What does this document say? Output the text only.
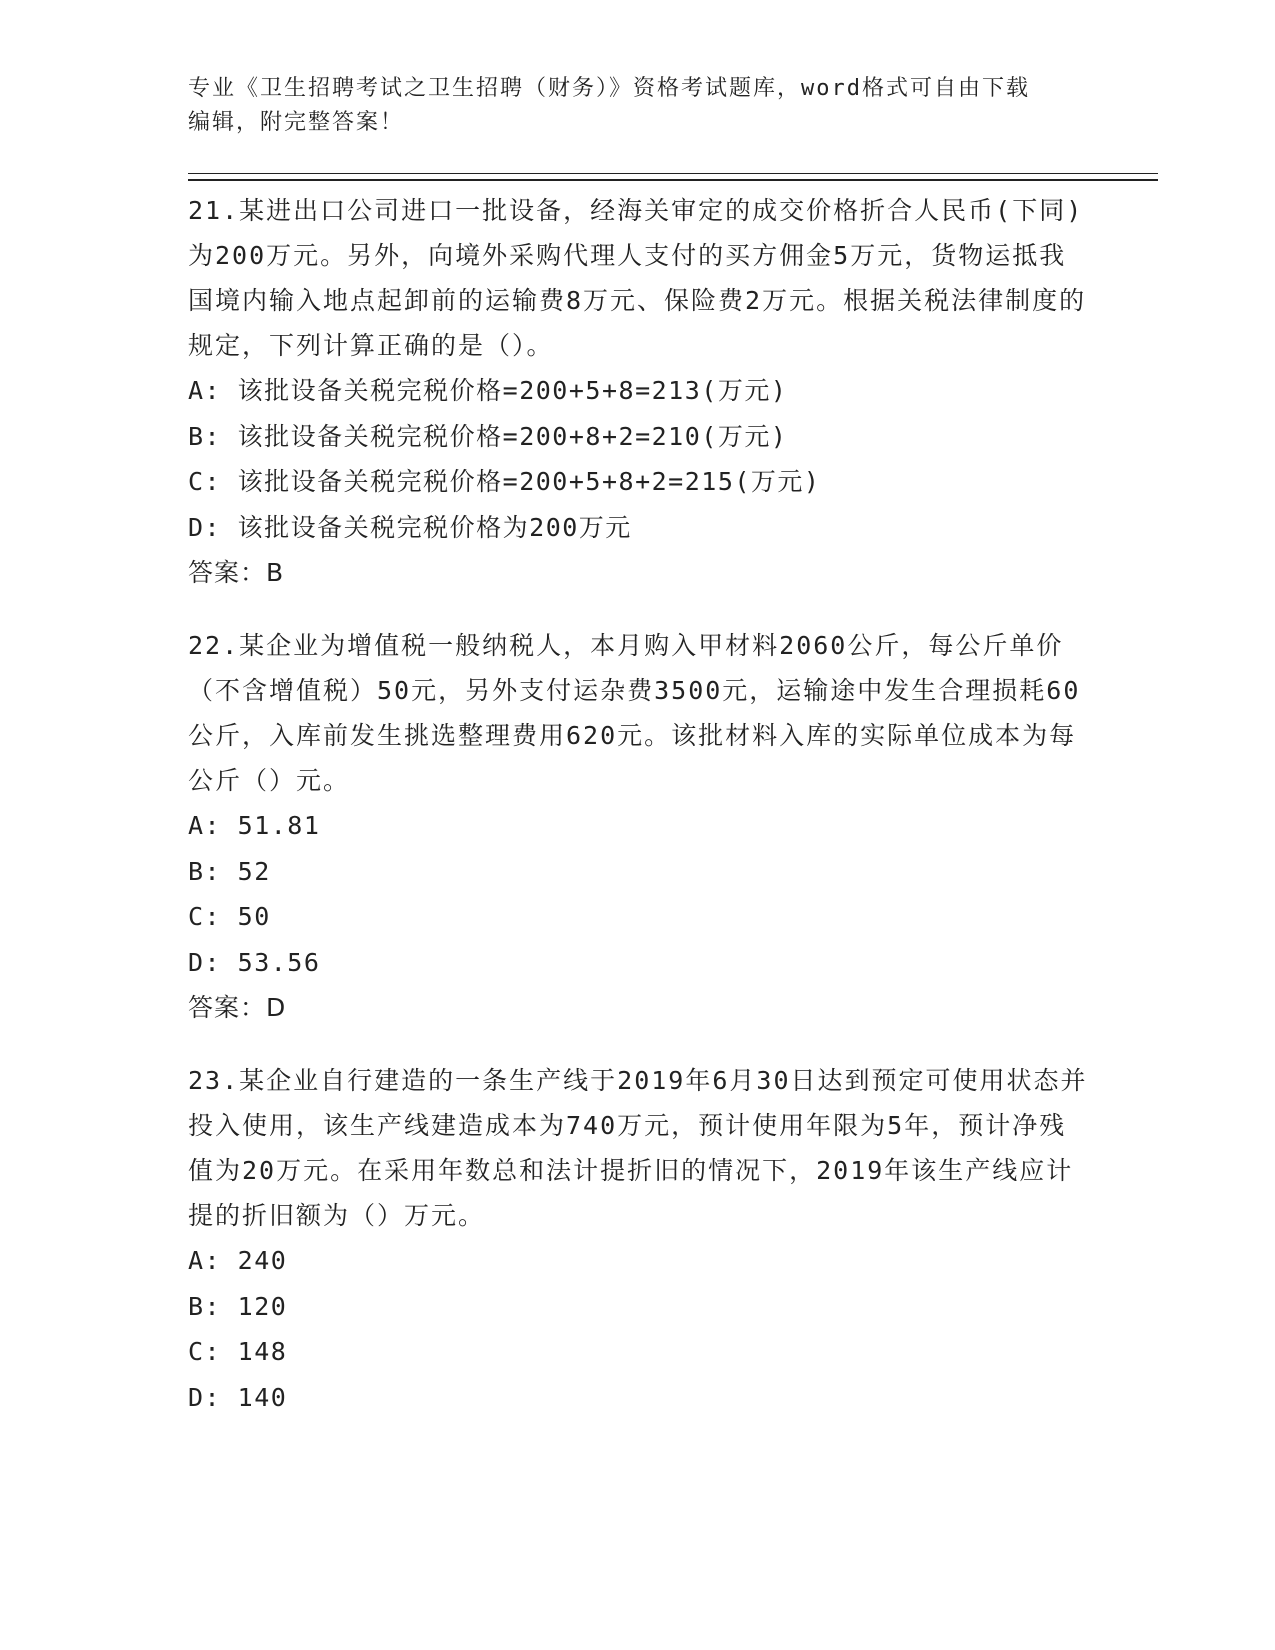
专业《卫生招聘考试之卫生招聘（财务）》资格考试题库，word格式可自由下载
编辑，附完整答案！

21.某进出口公司进口一批设备，经海关审定的成交价格折合人民币(下同)为200万元。另外，向境外采购代理人支付的买方佣金5万元，货物运抵我国境内输入地点起卸前的运输费8万元、保险费2万元。根据关税法律制度的规定，下列计算正确的是（）。

A: 该批设备关税完税价格=200+5+8=213(万元)

B: 该批设备关税完税价格=200+8+2=210(万元)

C: 该批设备关税完税价格=200+5+8+2=215(万元)

D: 该批设备关税完税价格为200万元

答案：B

22.某企业为增值税一般纳税人，本月购入甲材料2060公斤，每公斤单价（不含增值税）50元，另外支付运杂费3500元，运输途中发生合理损耗60公斤，入库前发生挑选整理费用620元。该批材料入库的实际单位成本为每公斤（）元。

A: 51.81

B: 52

C: 50

D: 53.56

答案：D

23.某企业自行建造的一条生产线于2019年6月30日达到预定可使用状态并投入使用，该生产线建造成本为740万元，预计使用年限为5年，预计净残值为20万元。在采用年数总和法计提折旧的情况下，2019年该生产线应计提的折旧额为（）万元。

A: 240

B: 120

C: 148

D: 140
